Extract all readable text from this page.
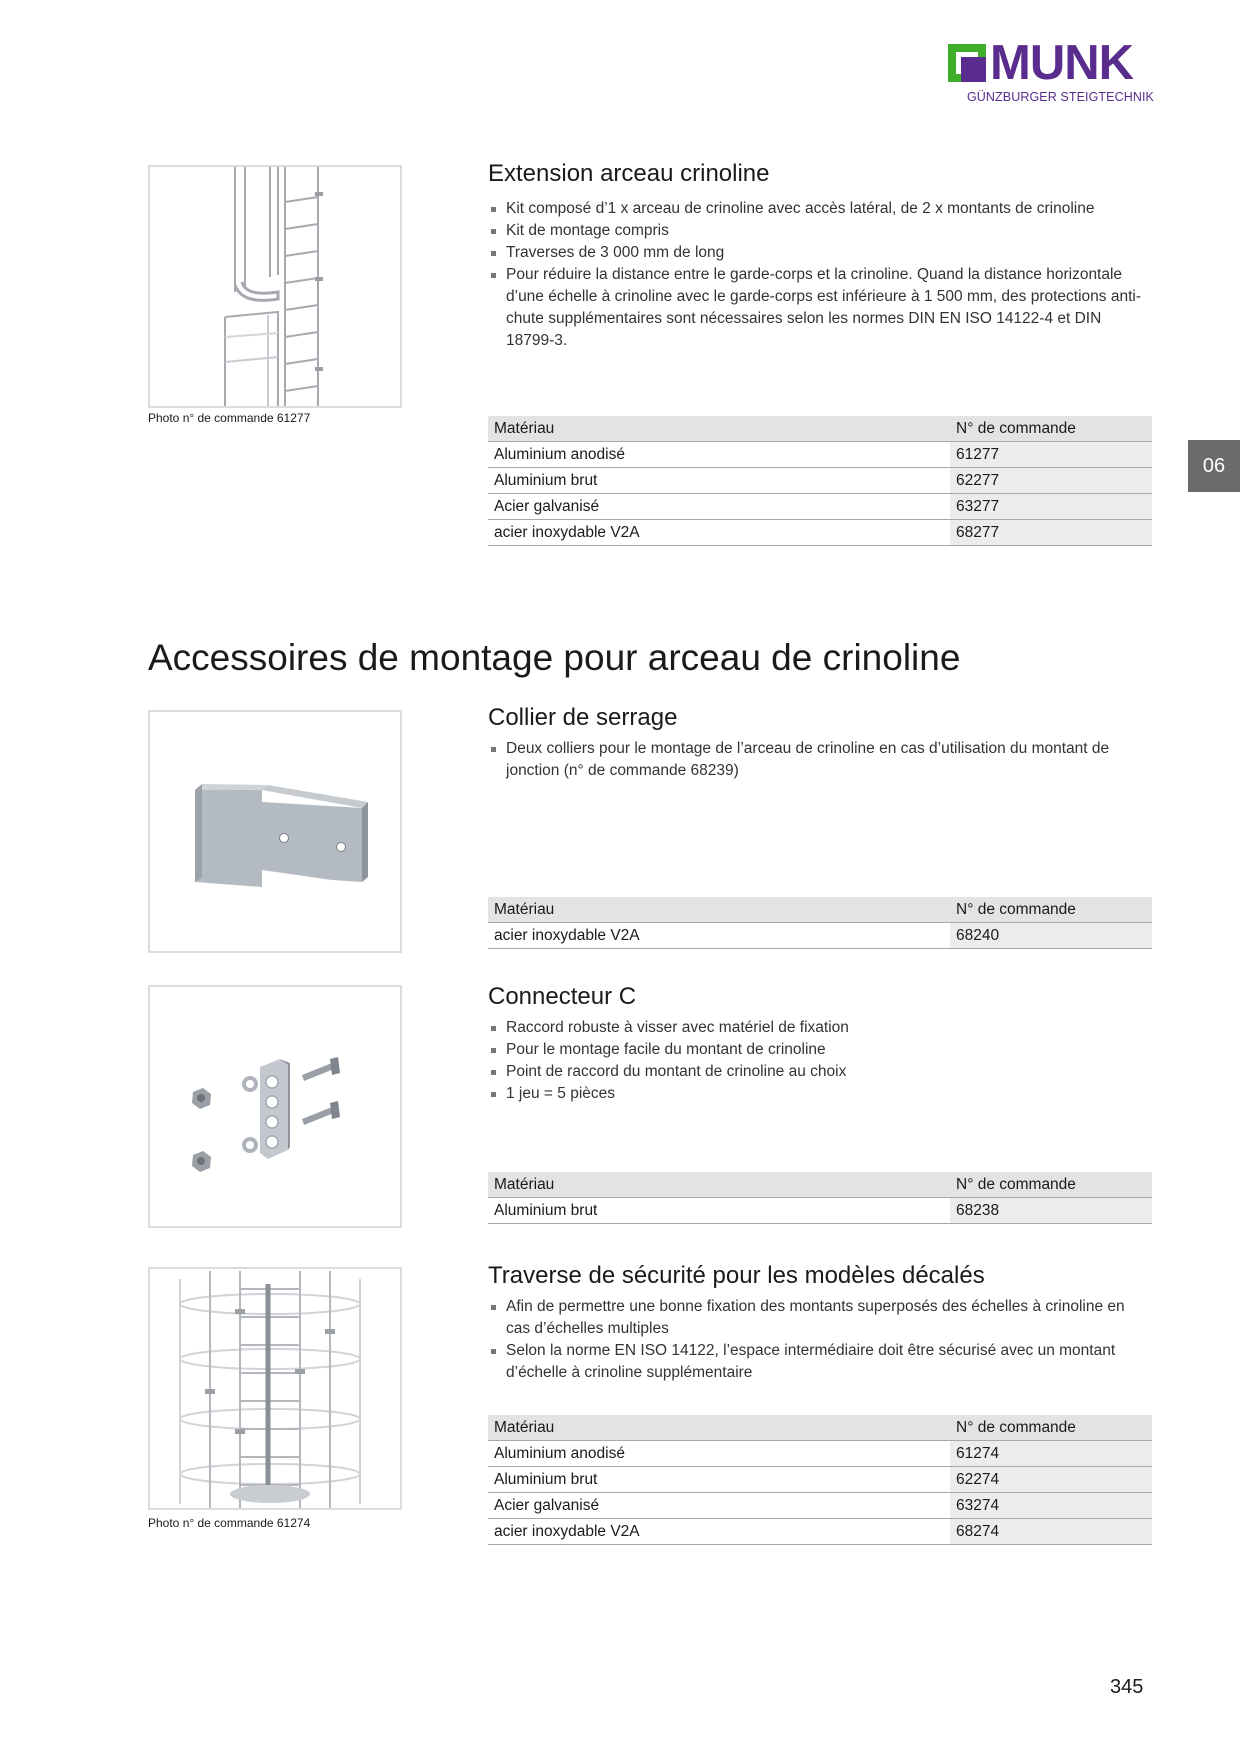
MUNK
GÜNZBURGER STEIGTECHNIK
06
Photo n° de commande 61277
Extension arceau crinoline
Kit composé d’1 x arceau de crinoline avec accès latéral, de 2 x montants de crinoline
Kit de montage compris
Traverses de 3 000 mm de long
Pour réduire la distance entre le garde-corps et la crinoline. Quand la distance horizontale d’une échelle à crinoline avec le garde-corps est inférieure à 1 500 mm, des protections anti-chute supplémentaires sont nécessaires selon les normes DIN EN ISO 14122-4 et DIN 18799-3.
Matériau	N° de commande
Aluminium anodisé	61277
Aluminium brut	62277
Acier galvanisé	63277
acier inoxydable V2A	68277
Accessoires de montage pour arceau de crinoline
Collier de serrage
Deux colliers pour le montage de l’arceau de crinoline en cas d’utilisation du montant de jonction (n° de commande 68239)
Matériau	N° de commande
acier inoxydable V2A	68240
Connecteur C
Raccord robuste à visser avec matériel de fixation
Pour le montage facile du montant de crinoline
Point de raccord du montant de crinoline au choix
1 jeu = 5 pièces
Matériau	N° de commande
Aluminium brut	68238
Photo n° de commande 61274
Traverse de sécurité pour les modèles décalés
Afin de permettre une bonne fixation des montants superposés des échelles à crinoline en cas d’échelles multiples
Selon la norme EN ISO 14122, l’espace intermédiaire doit être sécurisé avec un montant d’échelle à crinoline supplémentaire
Matériau	N° de commande
Aluminium anodisé	61274
Aluminium brut	62274
Acier galvanisé	63274
acier inoxydable V2A	68274
345
